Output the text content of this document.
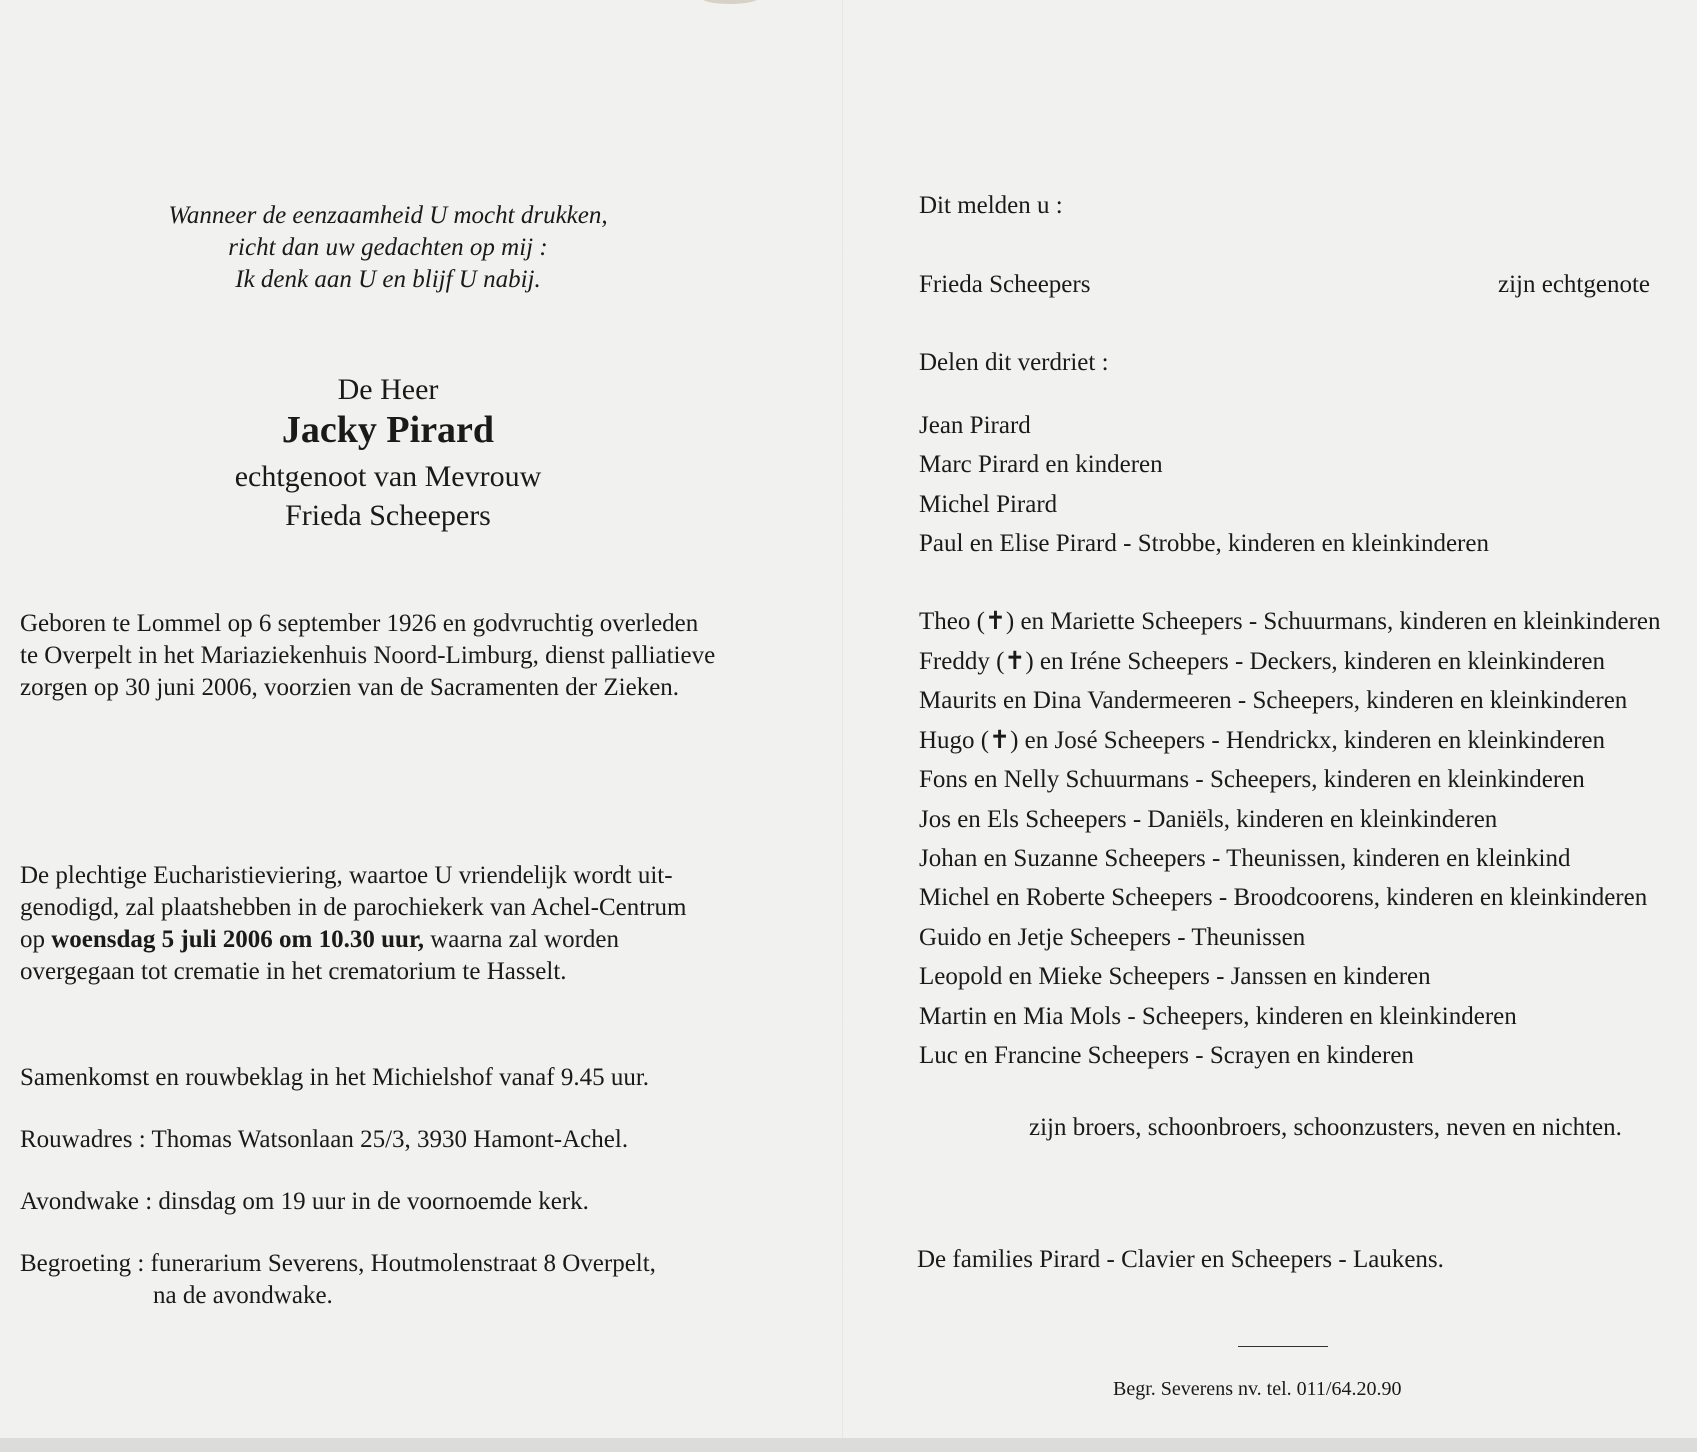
Wanneer de eenzaamheid U mocht drukken,
richt dan uw gedachten op mij :
Ik denk aan U en blijf U nabij.
De Heer
Jacky Pirard
echtgenoot van Mevrouw
Frieda Scheepers
Geboren te Lommel op 6 september 1926 en godvruchtig overleden
te Overpelt in het Mariaziekenhuis Noord-Limburg, dienst palliatieve
zorgen op 30 juni 2006, voorzien van de Sacramenten der Zieken.
De plechtige Eucharistieviering, waartoe U vriendelijk wordt uit-
genodigd, zal plaatshebben in de parochiekerk van Achel-Centrum
op woensdag 5 juli 2006 om 10.30 uur, waarna zal worden
overgegaan tot crematie in het crematorium te Hasselt.
Samenkomst en rouwbeklag in het Michielshof vanaf 9.45 uur.
Rouwadres : Thomas Watsonlaan 25/3, 3930 Hamont-Achel.
Avondwake : dinsdag om 19 uur in de voornoemde kerk.
Begroeting : funerarium Severens, Houtmolenstraat 8 Overpelt,
na de avondwake.
Dit melden u :
Frieda Scheepers	zijn echtgenote
Delen dit verdriet :
Jean Pirard
Marc Pirard en kinderen
Michel Pirard
Paul en Elise Pirard - Strobbe, kinderen en kleinkinderen
Theo (✝) en Mariette Scheepers - Schuurmans, kinderen en kleinkinderen
Freddy (✝) en Iréne Scheepers - Deckers, kinderen en kleinkinderen
Maurits en Dina Vandermeeren - Scheepers, kinderen en kleinkinderen
Hugo (✝) en José Scheepers - Hendrickx, kinderen en kleinkinderen
Fons en Nelly Schuurmans - Scheepers, kinderen en kleinkinderen
Jos en Els Scheepers - Daniëls, kinderen en kleinkinderen
Johan en Suzanne Scheepers - Theunissen, kinderen en kleinkind
Michel en Roberte Scheepers - Broodcoorens, kinderen en kleinkinderen
Guido en Jetje Scheepers - Theunissen
Leopold en Mieke Scheepers - Janssen en kinderen
Martin en Mia Mols - Scheepers, kinderen en kleinkinderen
Luc en Francine Scheepers - Scrayen en kinderen
zijn broers, schoonbroers, schoonzusters, neven en nichten.
De families Pirard - Clavier en Scheepers - Laukens.
Begr. Severens nv. tel. 011/64.20.90
